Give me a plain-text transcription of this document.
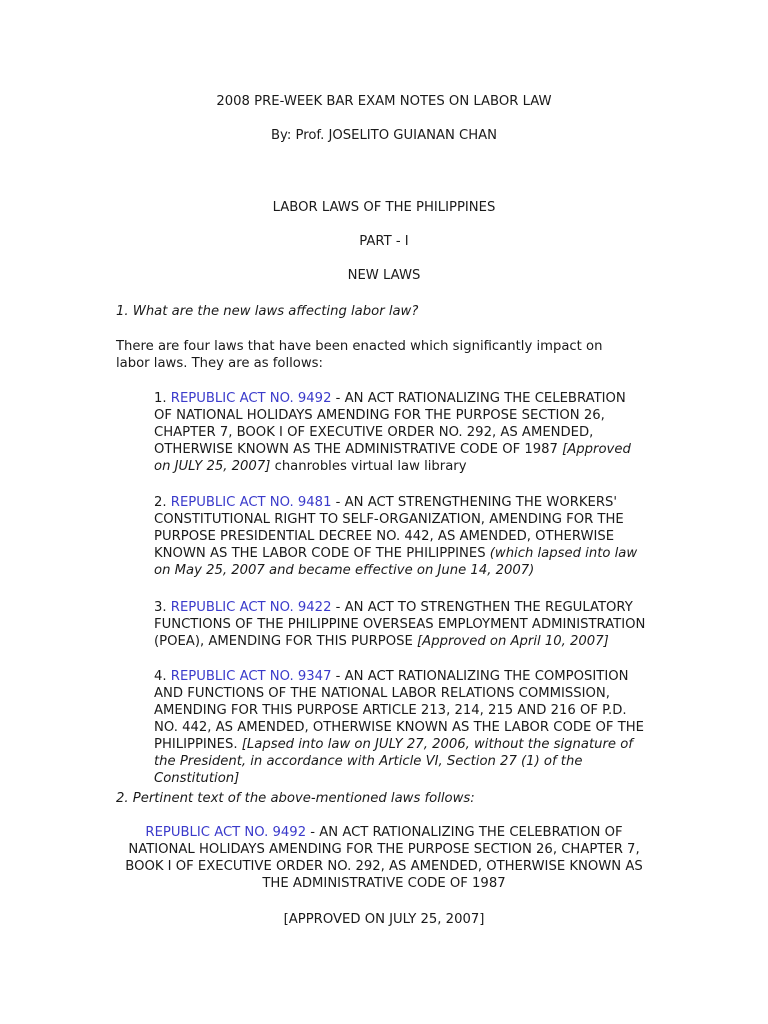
2008 PRE-WEEK BAR EXAM NOTES ON LABOR LAW
By: Prof. JOSELITO GUIANAN CHAN
LABOR LAWS OF THE PHILIPPINES
PART - I
NEW LAWS
1. What are the new laws affecting labor law?
There are four laws that have been enacted which significantly impact on labor laws. They are as follows:
1. REPUBLIC ACT NO. 9492 - AN ACT RATIONALIZING THE CELEBRATION OF NATIONAL HOLIDAYS AMENDING FOR THE PURPOSE SECTION 26, CHAPTER 7, BOOK I OF EXECUTIVE ORDER NO. 292, AS AMENDED, OTHERWISE KNOWN AS THE ADMINISTRATIVE CODE OF 1987 [Approved on JULY 25, 2007] chanrobles virtual law library
2. REPUBLIC ACT NO. 9481 - AN ACT STRENGTHENING THE WORKERS' CONSTITUTIONAL RIGHT TO SELF-ORGANIZATION, AMENDING FOR THE PURPOSE PRESIDENTIAL DECREE NO. 442, AS AMENDED, OTHERWISE KNOWN AS THE LABOR CODE OF THE PHILIPPINES (which lapsed into law on May 25, 2007 and became effective on June 14, 2007)
3. REPUBLIC ACT NO. 9422 - AN ACT TO STRENGTHEN THE REGULATORY FUNCTIONS OF THE PHILIPPINE OVERSEAS EMPLOYMENT ADMINISTRATION (POEA), AMENDING FOR THIS PURPOSE [Approved on April 10, 2007]
4. REPUBLIC ACT NO. 9347 - AN ACT RATIONALIZING THE COMPOSITION AND FUNCTIONS OF THE NATIONAL LABOR RELATIONS COMMISSION, AMENDING FOR THIS PURPOSE ARTICLE 213, 214, 215 AND 216 OF P.D. NO. 442, AS AMENDED, OTHERWISE KNOWN AS THE LABOR CODE OF THE PHILIPPINES. [Lapsed into law on JULY 27, 2006, without the signature of the President, in accordance with Article VI, Section 27 (1) of the Constitution]
2. Pertinent text of the above-mentioned laws follows:
REPUBLIC ACT NO. 9492 - AN ACT RATIONALIZING THE CELEBRATION OF NATIONAL HOLIDAYS AMENDING FOR THE PURPOSE SECTION 26, CHAPTER 7, BOOK I OF EXECUTIVE ORDER NO. 292, AS AMENDED, OTHERWISE KNOWN AS THE ADMINISTRATIVE CODE OF 1987
[APPROVED ON JULY 25, 2007]
